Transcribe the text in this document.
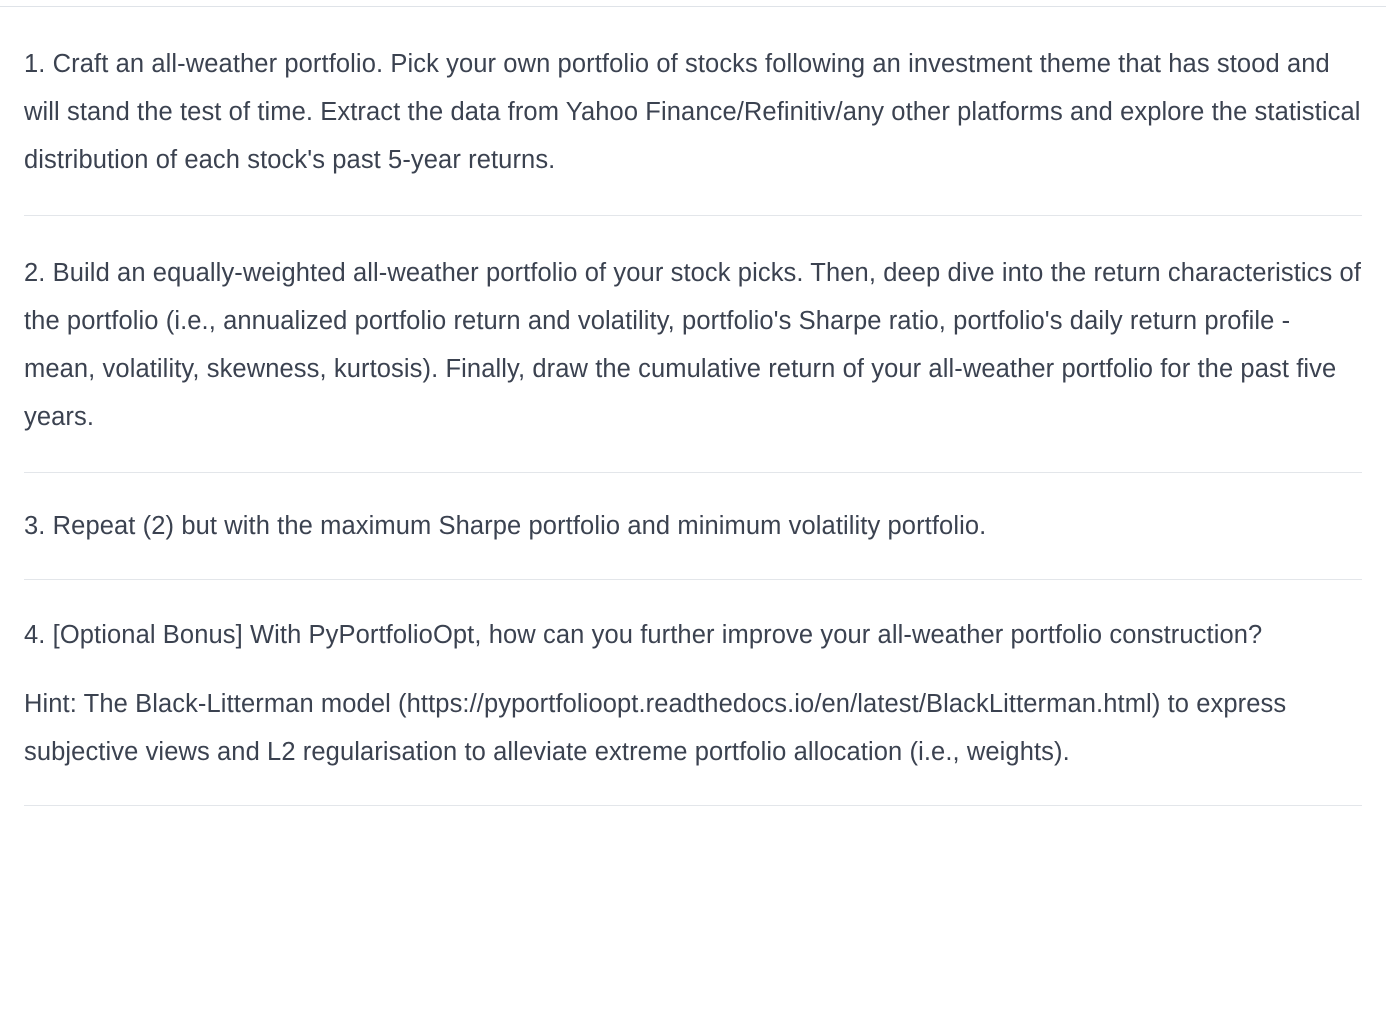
1. Craft an all-weather portfolio. Pick your own portfolio of stocks following an investment theme that has stood and will stand the test of time. Extract the data from Yahoo Finance/Refinitiv/any other platforms and explore the statistical distribution of each stock's past 5-year returns.

2. Build an equally-weighted all-weather portfolio of your stock picks. Then, deep dive into the return characteristics of the portfolio (i.e., annualized portfolio return and volatility, portfolio's Sharpe ratio, portfolio's daily return profile - mean, volatility, skewness, kurtosis). Finally, draw the cumulative return of your all-weather portfolio for the past five years.

3. Repeat (2) but with the maximum Sharpe portfolio and minimum volatility portfolio.

4. [Optional Bonus] With PyPortfolioOpt, how can you further improve your all-weather portfolio construction?

Hint: The Black-Litterman model (https://pyportfolioopt.readthedocs.io/en/latest/BlackLitterman.html) to express subjective views and L2 regularisation to alleviate extreme portfolio allocation (i.e., weights).
